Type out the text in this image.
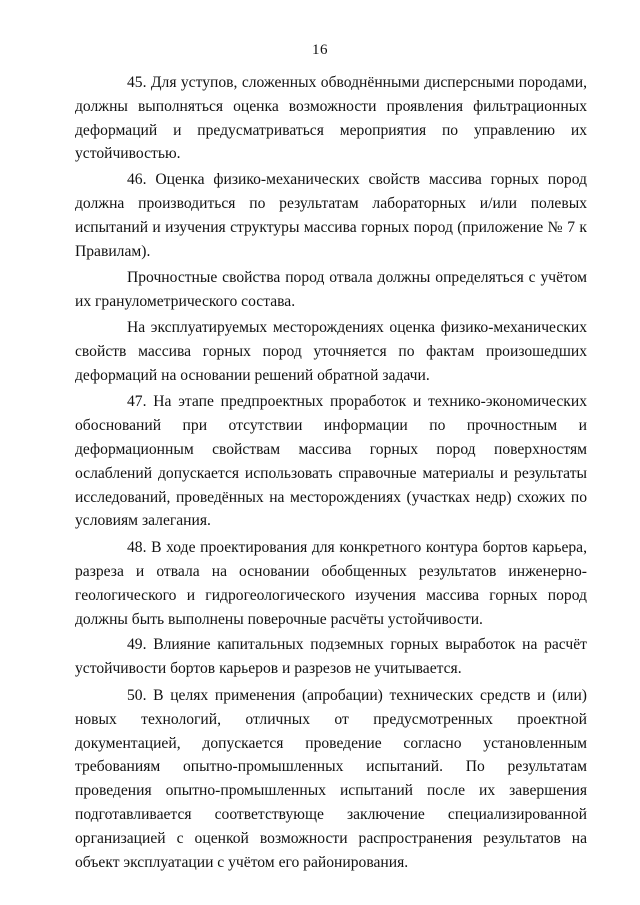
16

45. Для уступов, сложенных обводнёнными дисперсными породами, должны выполняться оценка возможности проявления фильтрационных деформаций и предусматриваться мероприятия по управлению их устойчивостью.

46. Оценка физико-механических свойств массива горных пород должна производиться по результатам лабораторных и/или полевых испытаний и изучения структуры массива горных пород (приложение № 7 к Правилам).

Прочностные свойства пород отвала должны определяться с учётом их гранулометрического состава.

На эксплуатируемых месторождениях оценка физико-механических свойств массива горных пород уточняется по фактам произошедших деформаций на основании решений обратной задачи.

47. На этапе предпроектных проработок и технико-экономических обоснований при отсутствии информации по прочностным и деформационным свойствам массива горных пород поверхностям ослаблений допускается использовать справочные материалы и результаты исследований, проведённых на месторождениях (участках недр) схожих по условиям залегания.

48. В ходе проектирования для конкретного контура бортов карьера, разреза и отвала на основании обобщенных результатов инженерно-геологического и гидрогеологического изучения массива горных пород должны быть выполнены поверочные расчёты устойчивости.

49. Влияние капитальных подземных горных выработок на расчёт устойчивости бортов карьеров и разрезов не учитывается.

50. В целях применения (апробации) технических средств и (или) новых технологий, отличных от предусмотренных проектной документацией, допускается проведение согласно установленным требованиям опытно-промышленных испытаний. По результатам проведения опытно-промышленных испытаний после их завершения подготавливается соответствующе заключение специализированной организацией с оценкой возможности распространения результатов на объект эксплуатации с учётом его районирования.
